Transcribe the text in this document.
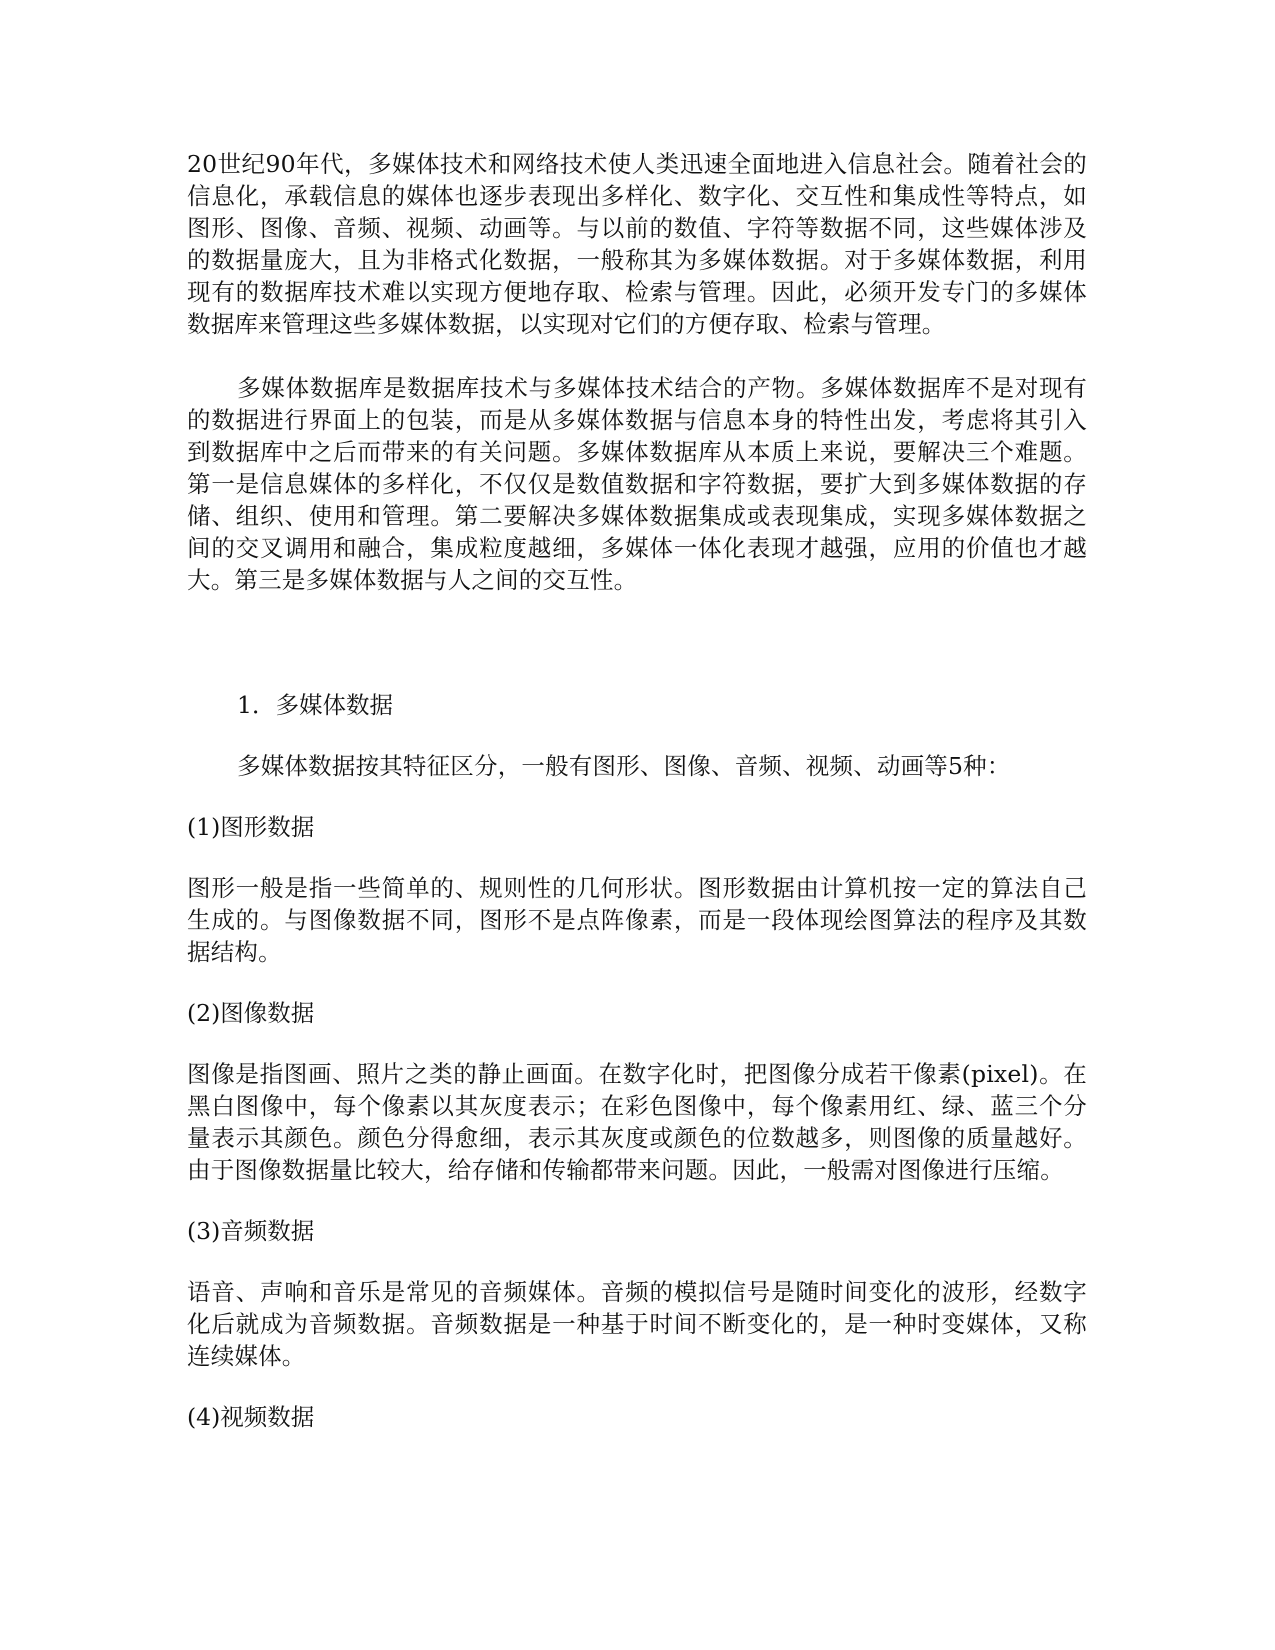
20世纪90年代，多媒体技术和网络技术使人类迅速全面地进入信息社会。随着社会的信息化，承载信息的媒体也逐步表现出多样化、数字化、交互性和集成性等特点，如图形、图像、音频、视频、动画等。与以前的数值、字符等数据不同，这些媒体涉及的数据量庞大，且为非格式化数据，一般称其为多媒体数据。对于多媒体数据，利用现有的数据库技术难以实现方便地存取、检索与管理。因此，必须开发专门的多媒体数据库来管理这些多媒体数据，以实现对它们的方便存取、检索与管理。

多媒体数据库是数据库技术与多媒体技术结合的产物。多媒体数据库不是对现有的数据进行界面上的包装，而是从多媒体数据与信息本身的特性出发，考虑将其引入到数据库中之后而带来的有关问题。多媒体数据库从本质上来说，要解决三个难题。第一是信息媒体的多样化，不仅仅是数值数据和字符数据，要扩大到多媒体数据的存储、组织、使用和管理。第二要解决多媒体数据集成或表现集成，实现多媒体数据之间的交叉调用和融合，集成粒度越细，多媒体一体化表现才越强，应用的价值也才越大。第三是多媒体数据与人之间的交互性。

1．多媒体数据

多媒体数据按其特征区分，一般有图形、图像、音频、视频、动画等5种：

(1)图形数据

图形一般是指一些简单的、规则性的几何形状。图形数据由计算机按一定的算法自己生成的。与图像数据不同，图形不是点阵像素，而是一段体现绘图算法的程序及其数据结构。

(2)图像数据

图像是指图画、照片之类的静止画面。在数字化时，把图像分成若干像素(pixel)。在黑白图像中，每个像素以其灰度表示；在彩色图像中，每个像素用红、绿、蓝三个分量表示其颜色。颜色分得愈细，表示其灰度或颜色的位数越多，则图像的质量越好。由于图像数据量比较大，给存储和传输都带来问题。因此，一般需对图像进行压缩。

(3)音频数据

语音、声响和音乐是常见的音频媒体。音频的模拟信号是随时间变化的波形，经数字化后就成为音频数据。音频数据是一种基于时间不断变化的，是一种时变媒体，又称连续媒体。

(4)视频数据
